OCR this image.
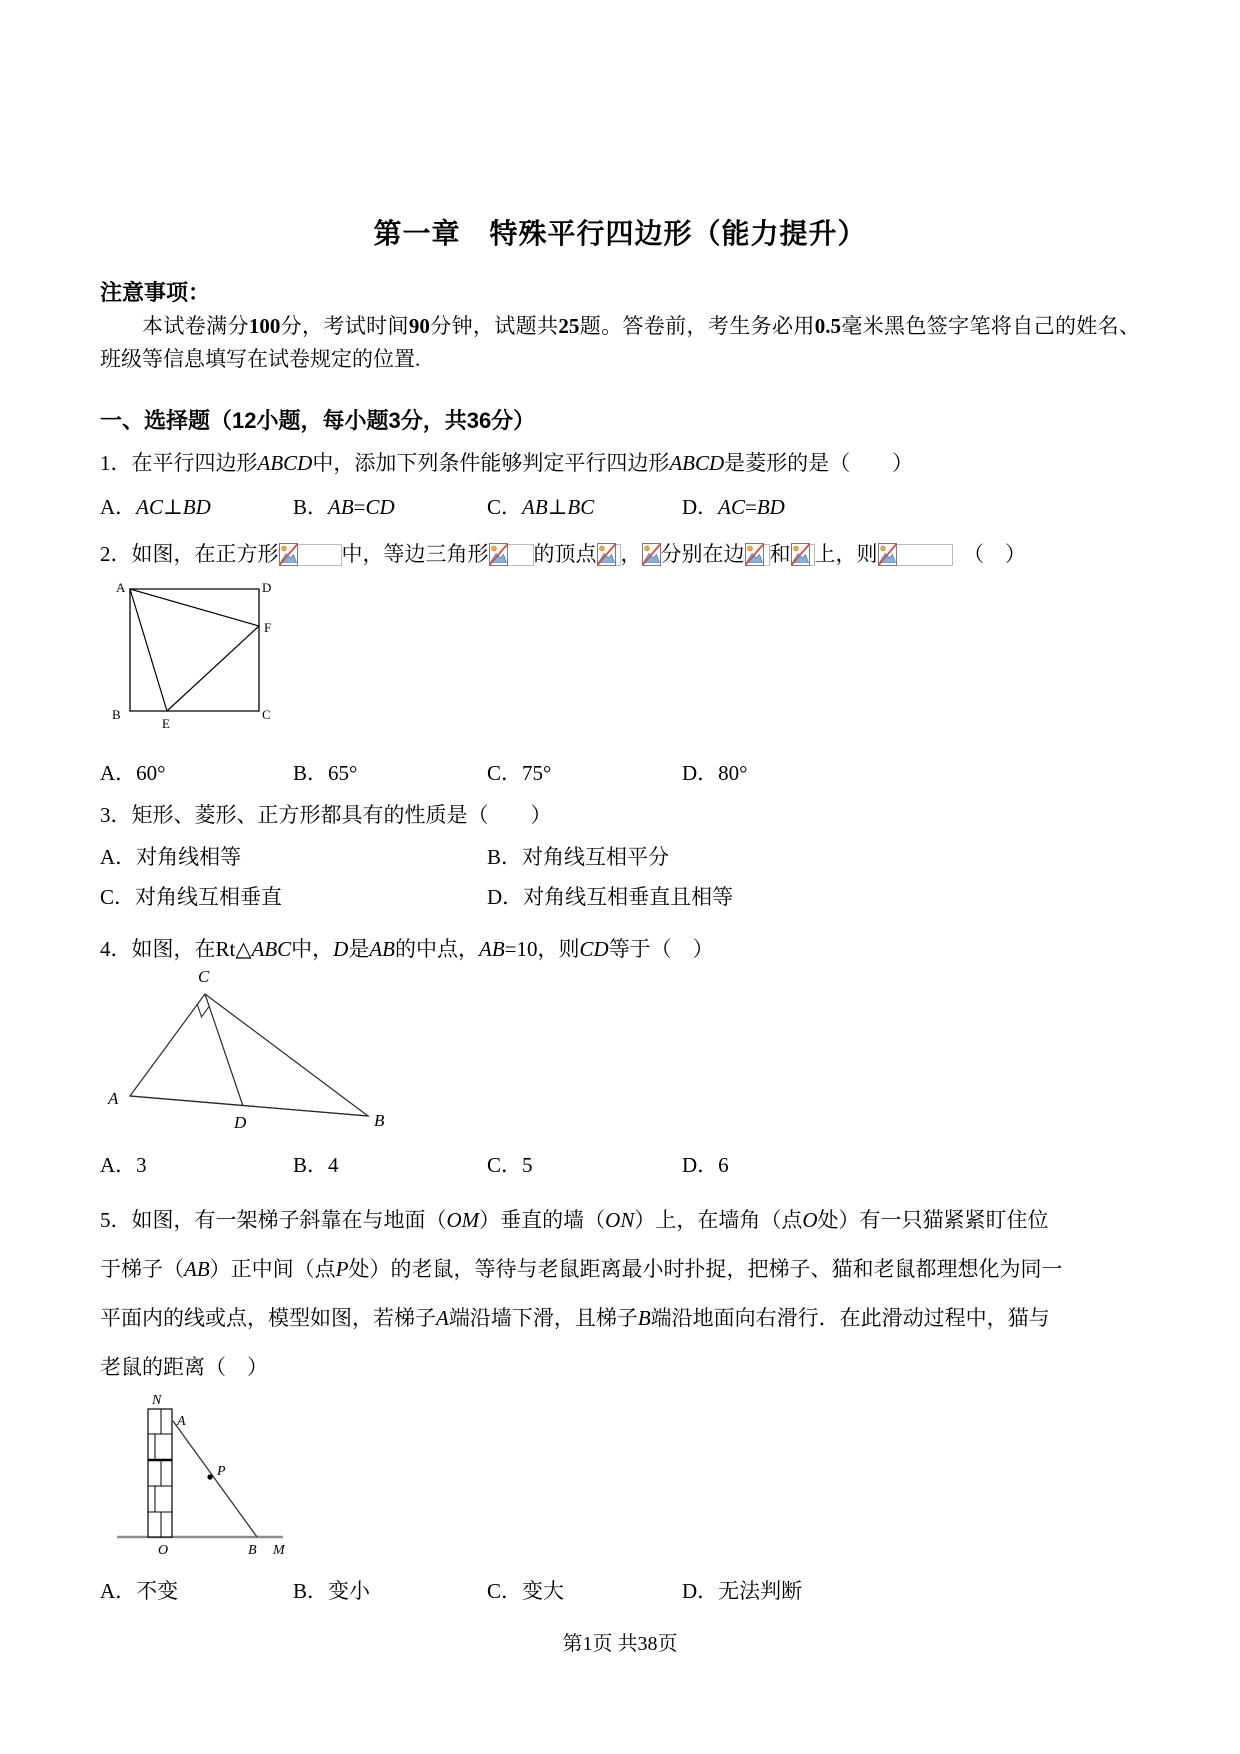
第一章　特殊平行四边形（能力提升）
注意事项：

本试卷满分100分，考试时间90分钟，试题共25题。答卷前，考生务必用0.5毫米黑色签字笔将自己的姓名、班级等信息填写在试卷规定的位置.

一、选择题（12小题，每小题3分，共36分）
1．在平行四边形ABCD中，添加下列条件能够判定平行四边形ABCD是菱形的是（　　）
A．AC⊥BD	B．AB=CD	C．AB⊥BC	D．AC=BD
2．如图，在正方形	中，等边三角形 的顶点 ， 分别在边 和 上，则	　（　）
A	D
F
B
E
C
A．60°	B．65°	C．75°	D．80°
3．矩形、菱形、正方形都具有的性质是（　　）
A．对角线相等	B．对角线互相平分
C．对角线互相垂直	D．对角线互相垂直且相等
4．如图，在Rt△ABC中，D是AB的中点，AB=10，则CD等于（　）
C
A
B
D
A．3	B．4	C．5	D．6
5．如图，有一架梯子斜靠在与地面（OM）垂直的墙（ON）上，在墙角（点O处）有一只猫紧紧盯住位
于梯子（AB）正中间（点P处）的老鼠，等待与老鼠距离最小时扑捉，把梯子、猫和老鼠都理想化为同一
平面内的线或点，模型如图，若梯子A端沿墙下滑，且梯子B端沿地面向右滑行．在此滑动过程中，猫与
老鼠的距离（　）
N
A
P
O	B M
A．不变	B．变小	C．变大	D．无法判断
第1页 共38页
